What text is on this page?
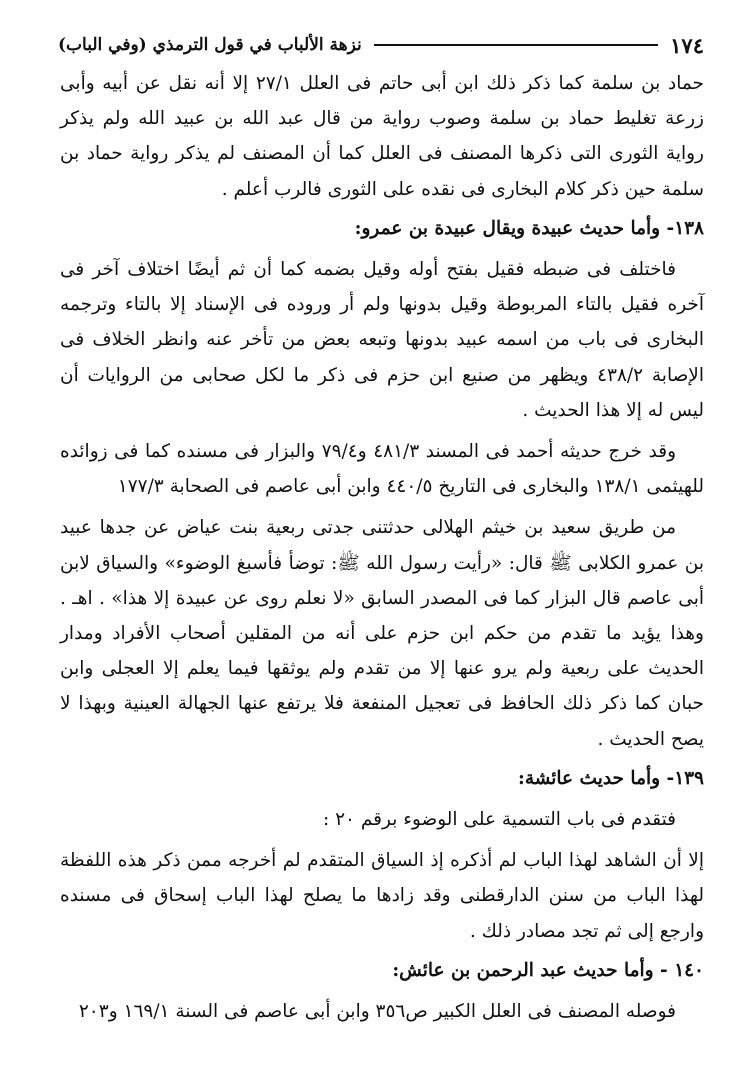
١٧٤
نزهة الألباب في قول الترمذي (وفي الباب)

حماد بن سلمة كما ذكر ذلك ابن أبى حاتم فى العلل ٢٧/١ إلا أنه نقل عن أبيه وأبى زرعة تغليط حماد بن سلمة وصوب رواية من قال عبد الله بن عبيد الله ولم يذكر رواية الثورى التى ذكرها المصنف فى العلل كما أن المصنف لم يذكر رواية حماد بن سلمة حين ذكر كلام البخارى فى نقده على الثورى فالرب أعلم .

١٣٨- وأما حديث عبيدة ويقال عبيدة بن عمرو:

فاختلف فى ضبطه فقيل بفتح أوله وقيل بضمه كما أن ثم أيضًا اختلاف آخر فى آخره فقيل بالتاء المربوطة وقيل بدونها ولم أر وروده فى الإسناد إلا بالتاء وترجمه البخارى فى باب من اسمه عبيد بدونها وتبعه بعض من تأخر عنه وانظر الخلاف فى الإصابة ٤٣٨/٢ ويظهر من صنيع ابن حزم فى ذكر ما لكل صحابى من الروايات أن ليس له إلا هذا الحديث .

وقد خرج حديثه أحمد فى المسند ٤٨١/٣ و٧٩/٤ والبزار فى مسنده كما فى زوائده للهيثمى ١٣٨/١ والبخارى فى التاريخ ٤٤٠/٥ وابن أبى عاصم فى الصحابة ١٧٧/٣

من طريق سعيد بن خيثم الهلالى حدثتنى جدتى ربعية بنت عياض عن جدها عبيد بن عمرو الكلابى ﷺ قال: «رأيت رسول الله ﷺ: توضأ فأسبغ الوضوء» والسياق لابن أبى عاصم قال البزار كما فى المصدر السابق «لا نعلم روى عن عبيدة إلا هذا» . اهـ . وهذا يؤيد ما تقدم من حكم ابن حزم على أنه من المقلين أصحاب الأفراد ومدار الحديث على ربعية ولم يرو عنها إلا من تقدم ولم يوثقها فيما يعلم إلا العجلى وابن حبان كما ذكر ذلك الحافظ فى تعجيل المنفعة فلا يرتفع عنها الجهالة العينية وبهذا لا يصح الحديث .

١٣٩- وأما حديث عائشة:

فتقدم فى باب التسمية على الوضوء برقم ٢٠ :

إلا أن الشاهد لهذا الباب لم أذكره إذ السياق المتقدم لم أخرجه ممن ذكر هذه اللفظة لهذا الباب من سنن الدارقطنى وقد زادها ما يصلح لهذا الباب إسحاق فى مسنده وارجع إلى ثم تجد مصادر ذلك .

١٤٠ - وأما حديث عبد الرحمن بن عائش:

فوصله المصنف فى العلل الكبير ص٣٥٦ وابن أبى عاصم فى السنة ١٦٩/١ و٢٠٣
